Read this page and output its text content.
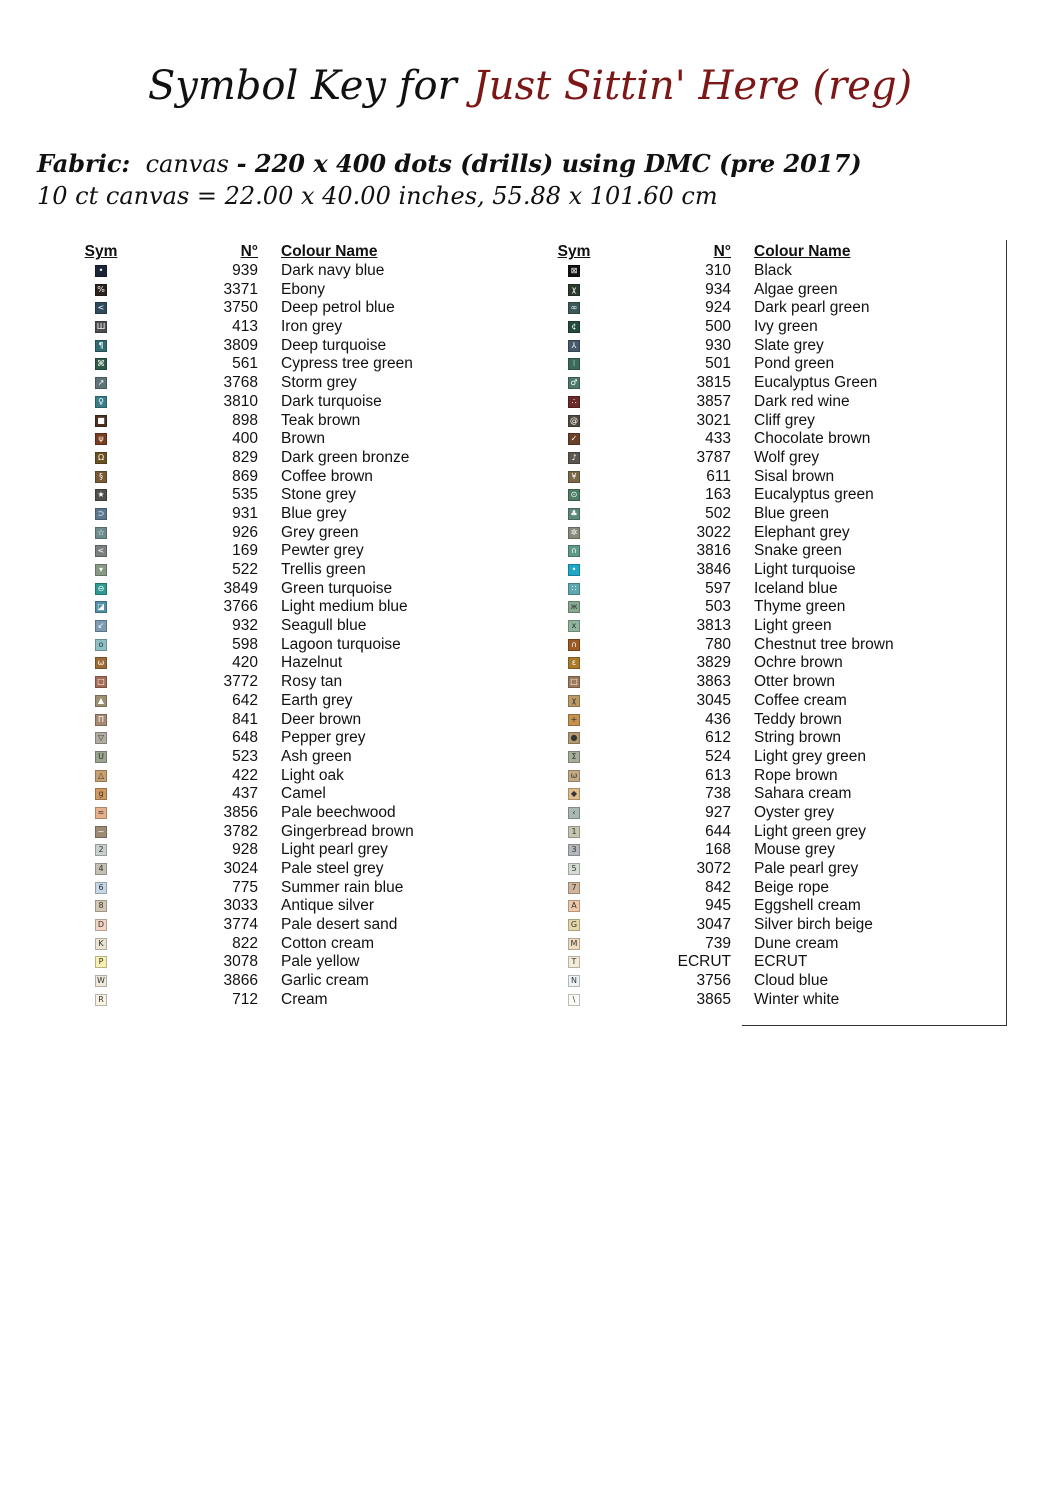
Symbol Key for Just Sittin' Here (reg)
Fabric: canvas - 220 x 400 dots (drills) using DMC (pre 2017)
10 ct canvas = 22.00 x 40.00 inches, 55.88 x 101.60 cm
Sym	N°	Colour Name
•	939	Dark navy blue
%	3371	Ebony
<	3750	Deep petrol blue
Ш	413	Iron grey
¶	3809	Deep turquoise
⌘	561	Cypress tree green
↗	3768	Storm grey
♀	3810	Dark turquoise
■	898	Teak brown
ψ	400	Brown
Ω	829	Dark green bronze
§	869	Coffee brown
★	535	Stone grey
⊃	931	Blue grey
☆	926	Grey green
<	169	Pewter grey
▾	522	Trellis green
⊖	3849	Green turquoise
◪	3766	Light medium blue
↙	932	Seagull blue
o	598	Lagoon turquoise
ω	420	Hazelnut
□	3772	Rosy tan
▲	642	Earth grey
Π	841	Deer brown
▽	648	Pepper grey
U	523	Ash green
△	422	Light oak
g	437	Camel
≈	3856	Pale beechwood
~	3782	Gingerbread brown
2	928	Light pearl grey
4	3024	Pale steel grey
6	775	Summer rain blue
8	3033	Antique silver
D	3774	Pale desert sand
K	822	Cotton cream
P	3078	Pale yellow
W	3866	Garlic cream
R	712	Cream
Sym	N°	Colour Name
⊠	310	Black
χ	934	Algae green
∞	924	Dark pearl green
¢	500	Ivy green
⅄	930	Slate grey
⁝	501	Pond green
♂	3815	Eucalyptus Green
∴	3857	Dark red wine
@	3021	Cliff grey
✓	433	Chocolate brown
♪	3787	Wolf grey
¥	611	Sisal brown
⊙	163	Eucalyptus green
♣	502	Blue green
✲	3022	Elephant grey
∩	3816	Snake green
•	3846	Light turquoise
∷	597	Iceland blue
ж	503	Thyme green
x	3813	Light green
∩	780	Chestnut tree brown
ε	3829	Ochre brown
□	3863	Otter brown
χ	3045	Coffee cream
+	436	Teddy brown
●	612	String brown
Σ	524	Light grey green
ω	613	Rope brown
◆	738	Sahara cream
‹	927	Oyster grey
1	644	Light green grey
3	168	Mouse grey
5	3072	Pale pearl grey
7	842	Beige rope
A	945	Eggshell cream
G	3047	Silver birch beige
M	739	Dune cream
T	ECRUT	ECRUT
N	3756	Cloud blue
\	3865	Winter white
